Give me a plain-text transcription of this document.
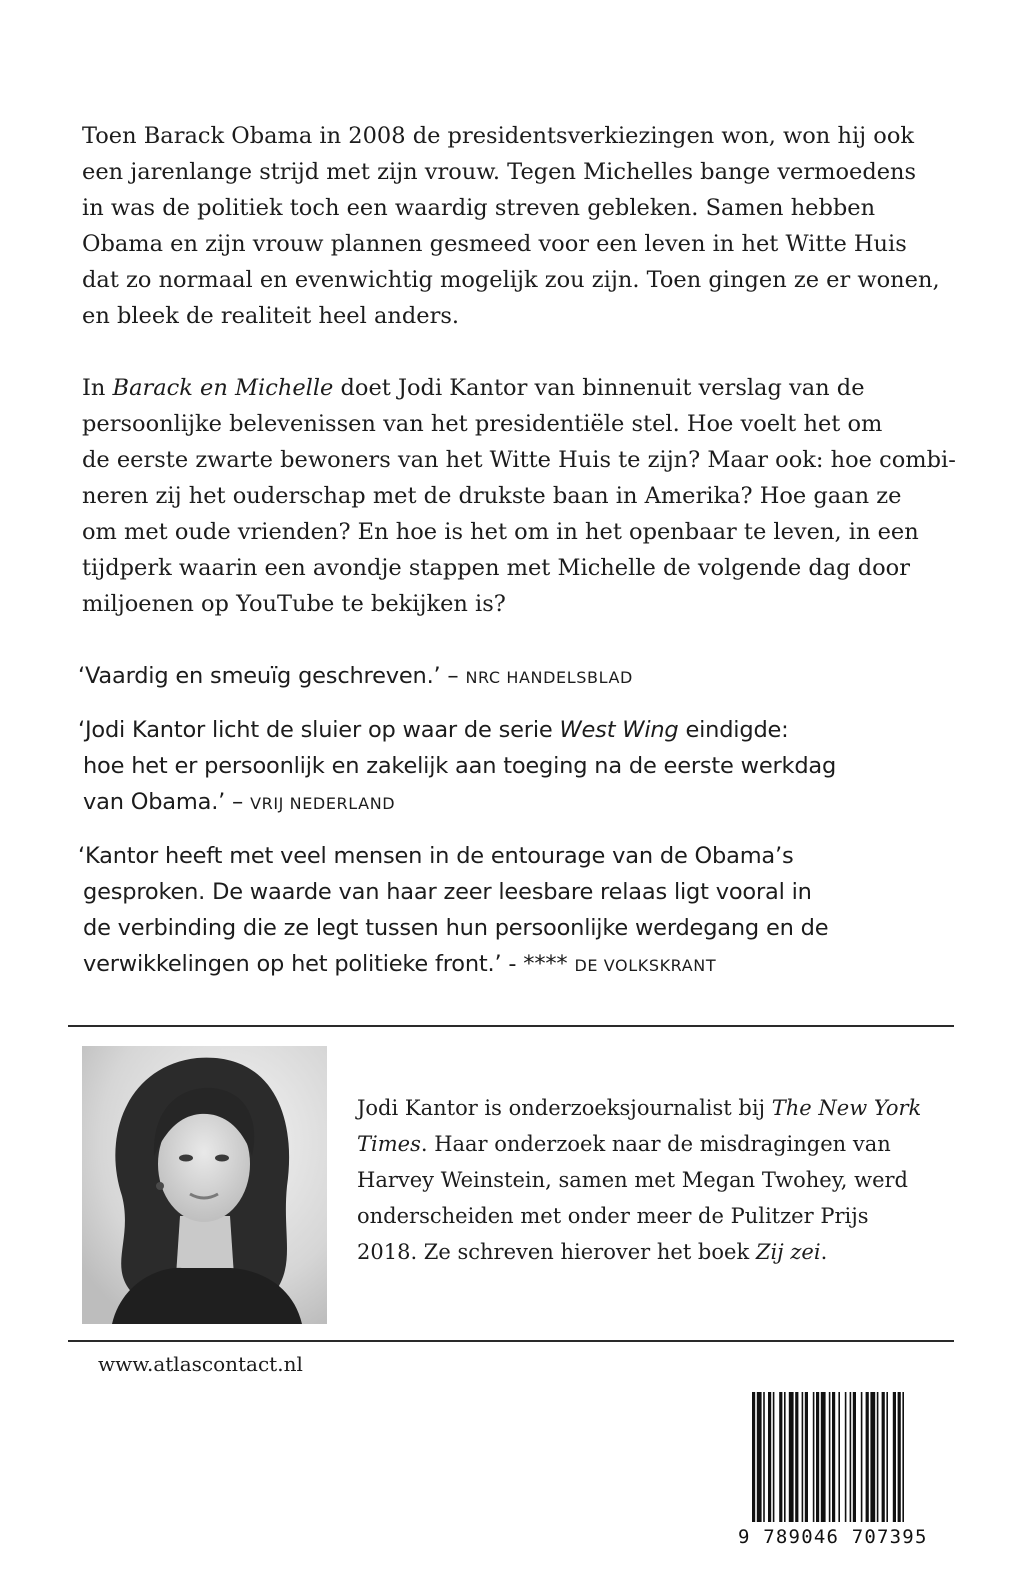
Toen Barack Obama in 2008 de presidentsverkiezingen won, won hij ook
een jarenlange strijd met zijn vrouw. Tegen Michelles bange vermoedens
in was de politiek toch een waardig streven gebleken. Samen hebben
Obama en zijn vrouw plannen gesmeed voor een leven in het Witte Huis
dat zo normaal en evenwichtig mogelijk zou zijn. Toen gingen ze er wonen,
en bleek de realiteit heel anders.
In Barack en Michelle doet Jodi Kantor van binnenuit verslag van de
persoonlijke belevenissen van het presidentiële stel. Hoe voelt het om
de eerste zwarte bewoners van het Witte Huis te zijn? Maar ook: hoe combi-
neren zij het ouderschap met de drukste baan in Amerika? Hoe gaan ze
om met oude vrienden? En hoe is het om in het openbaar te leven, in een
tijdperk waarin een avondje stappen met Michelle de volgende dag door
miljoenen op YouTube te bekijken is?
‘Vaardig en smeuïg geschreven.’ – NRC HANDELSBLAD
‘Jodi Kantor licht de sluier op waar de serie West Wing eindigde:
hoe het er persoonlijk en zakelijk aan toeging na de eerste werkdag
van Obama.’ – VRIJ NEDERLAND
‘Kantor heeft met veel mensen in de entourage van de Obama’s
gesproken. De waarde van haar zeer leesbare relaas ligt vooral in
de verbinding die ze legt tussen hun persoonlijke werdegang en de
verwikkelingen op het politieke front.’ - **** DE VOLKSKRANT
Jodi Kantor is onderzoeksjournalist bij The New York
Times. Haar onderzoek naar de misdragingen van
Harvey Weinstein, samen met Megan Twohey, werd
onderscheiden met onder meer de Pulitzer Prijs
2018. Ze schreven hierover het boek Zij zei.
www.atlascontact.nl
9 789046 707395
